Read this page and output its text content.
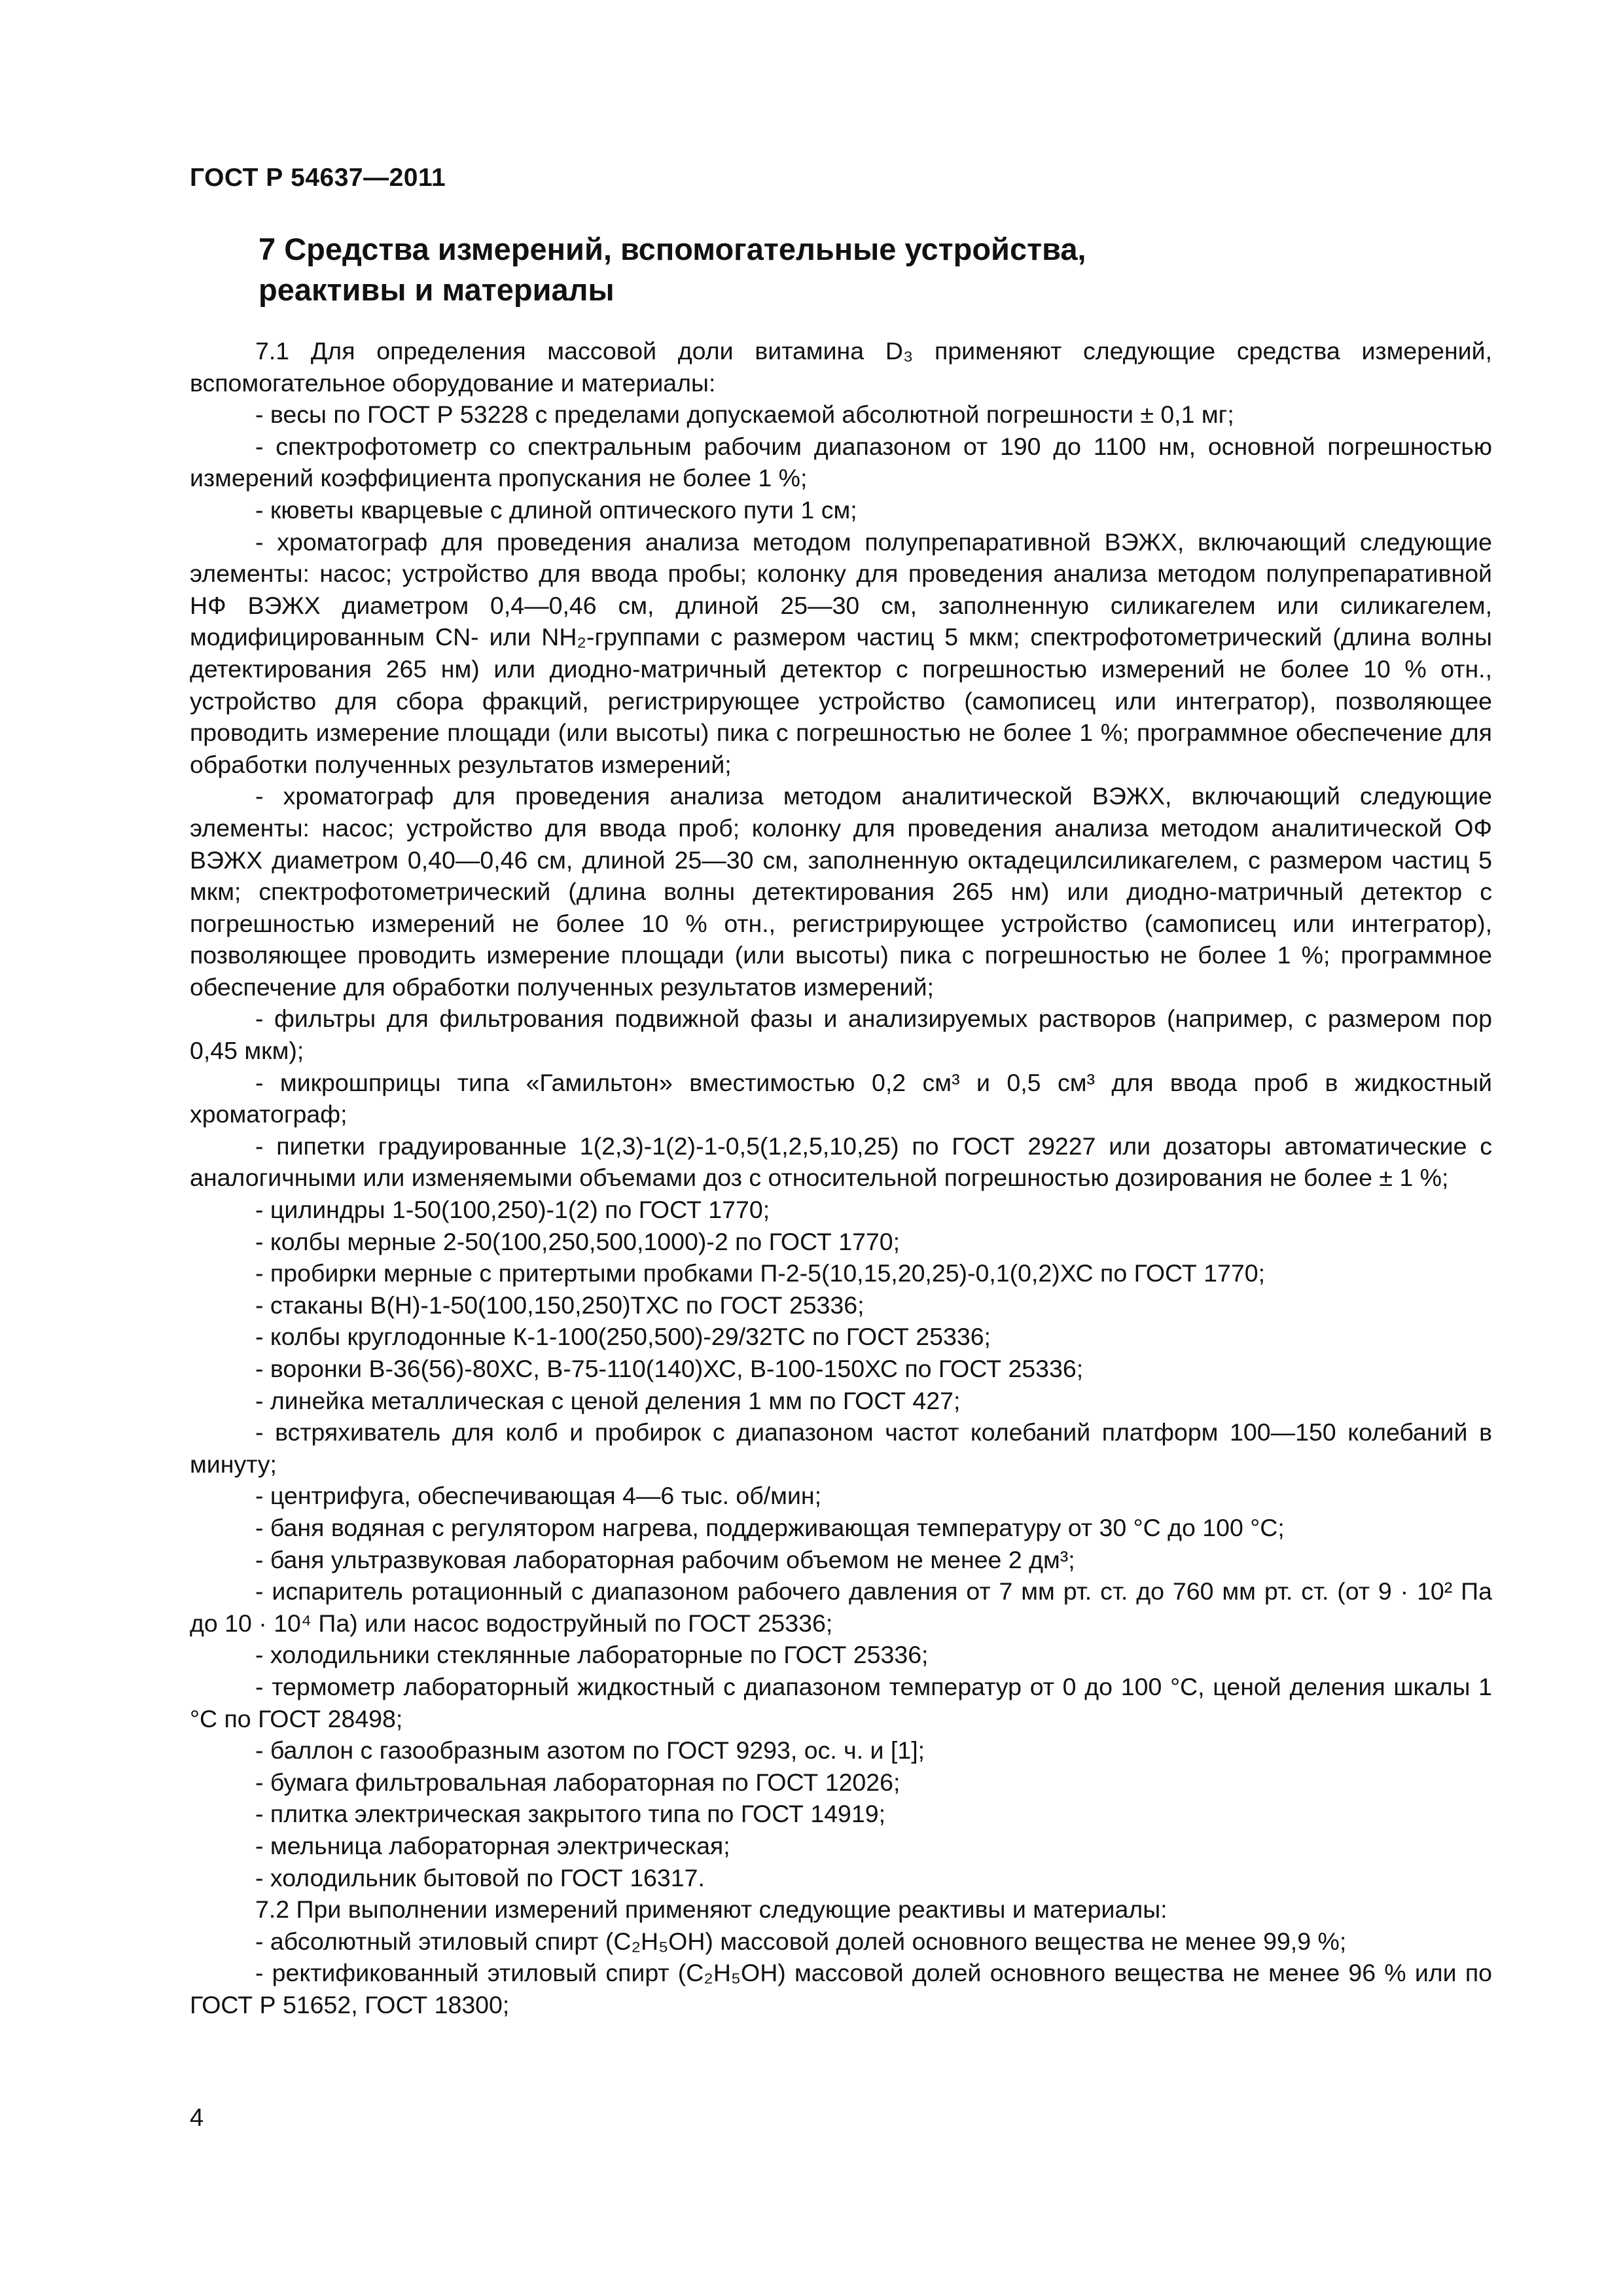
ГОСТ Р 54637—2011
7 Средства измерений, вспомогательные устройства,
реактивы и материалы

7.1 Для определения массовой доли витамина D₃ применяют следующие средства измерений, вспомогательное оборудование и материалы:

- весы по ГОСТ Р 53228 с пределами допускаемой абсолютной погрешности ± 0,1 мг;

- спектрофотометр со спектральным рабочим диапазоном от 190 до 1100 нм, основной погрешностью измерений коэффициента пропускания не более 1 %;

- кюветы кварцевые с длиной оптического пути 1 см;

- хроматограф для проведения анализа методом полупрепаративной ВЭЖХ, включающий следующие элементы: насос; устройство для ввода пробы; колонку для проведения анализа методом полупрепаративной НФ ВЭЖХ диаметром 0,4—0,46 см, длиной 25—30 см, заполненную силикагелем или силикагелем, модифицированным CN- или NH₂-группами с размером частиц 5 мкм; спектрофотометрический (длина волны детектирования 265 нм) или диодно-матричный детектор с погрешностью измерений не более 10 % отн., устройство для сбора фракций, регистрирующее устройство (самописец или интегратор), позволяющее проводить измерение площади (или высоты) пика с погрешностью не более 1 %; программное обеспечение для обработки полученных результатов измерений;

- хроматограф для проведения анализа методом аналитической ВЭЖХ, включающий следующие элементы: насос; устройство для ввода проб; колонку для проведения анализа методом аналитической ОФ ВЭЖХ диаметром 0,40—0,46 см, длиной 25—30 см, заполненную октадецилсиликагелем, с размером частиц 5 мкм; спектрофотометрический (длина волны детектирования 265 нм) или диодно-матричный детектор с погрешностью измерений не более 10 % отн., регистрирующее устройство (самописец или интегратор), позволяющее проводить измерение площади (или высоты) пика с погрешностью не более 1 %; программное обеспечение для обработки полученных результатов измерений;

- фильтры для фильтрования подвижной фазы и анализируемых растворов (например, с размером пор 0,45 мкм);

- микрошприцы типа «Гамильтон» вместимостью 0,2 см³ и 0,5 см³ для ввода проб в жидкостный хроматограф;

- пипетки градуированные 1(2,3)-1(2)-1-0,5(1,2,5,10,25) по ГОСТ 29227 или дозаторы автоматические с аналогичными или изменяемыми объемами доз с относительной погрешностью дозирования не более ± 1 %;

- цилиндры 1-50(100,250)-1(2) по ГОСТ 1770;

- колбы мерные 2-50(100,250,500,1000)-2 по ГОСТ 1770;

- пробирки мерные с притертыми пробками П-2-5(10,15,20,25)-0,1(0,2)ХС по ГОСТ 1770;

- стаканы В(Н)-1-50(100,150,250)ТХС по ГОСТ 25336;

- колбы круглодонные К-1-100(250,500)-29/32ТС по ГОСТ 25336;

- воронки В-36(56)-80ХС, В-75-110(140)ХС, В-100-150ХС по ГОСТ 25336;

- линейка металлическая с ценой деления 1 мм по ГОСТ 427;

- встряхиватель для колб и пробирок с диапазоном частот колебаний платформ 100—150 колебаний в минуту;

- центрифуга, обеспечивающая 4—6 тыс. об/мин;

- баня водяная с регулятором нагрева, поддерживающая температуру от 30 °С до 100 °С;

- баня ультразвуковая лабораторная рабочим объемом не менее 2 дм³;

- испаритель ротационный с диапазоном рабочего давления от 7 мм рт. ст. до 760 мм рт. ст. (от 9 · 10² Па до 10 · 10⁴ Па) или насос водоструйный по ГОСТ 25336;

- холодильники стеклянные лабораторные по ГОСТ 25336;

- термометр лабораторный жидкостный с диапазоном температур от 0 до 100 °С, ценой деления шкалы 1 °С по ГОСТ 28498;

- баллон с газообразным азотом по ГОСТ 9293, ос. ч. и [1];

- бумага фильтровальная лабораторная по ГОСТ 12026;

- плитка электрическая закрытого типа по ГОСТ 14919;

- мельница лабораторная электрическая;

- холодильник бытовой по ГОСТ 16317.

7.2 При выполнении измерений применяют следующие реактивы и материалы:

- абсолютный этиловый спирт (C₂H₅OH) массовой долей основного вещества не менее 99,9 %;

- ректификованный этиловый спирт (C₂H₅OH) массовой долей основного вещества не менее 96 % или по ГОСТ Р 51652, ГОСТ 18300;

4
